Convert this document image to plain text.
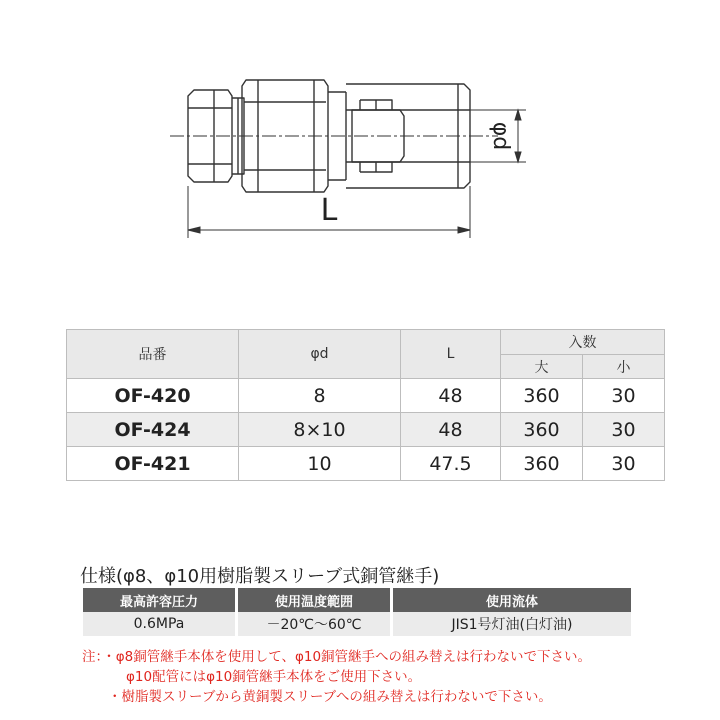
L
φd
品番	φd	L	入数	
			大	小
OF-420	8	48	360	30
OF-424	8×10	48	360	30
OF-421	10	47.5	360	30
仕様(φ8、φ10用樹脂製スリーブ式銅管継手)
最高許容圧力	使用温度範囲	使用流体
0.6MPa	－20℃〜60℃	JIS1号灯油(白灯油)
注：・φ8銅管継手本体を使用して、φ10銅管継手への組み替えは行わないで下さい。
φ10配管にはφ10銅管継手本体をご使用下さい。
・樹脂製スリーブから黄銅製スリーブへの組み替えは行わないで下さい。
